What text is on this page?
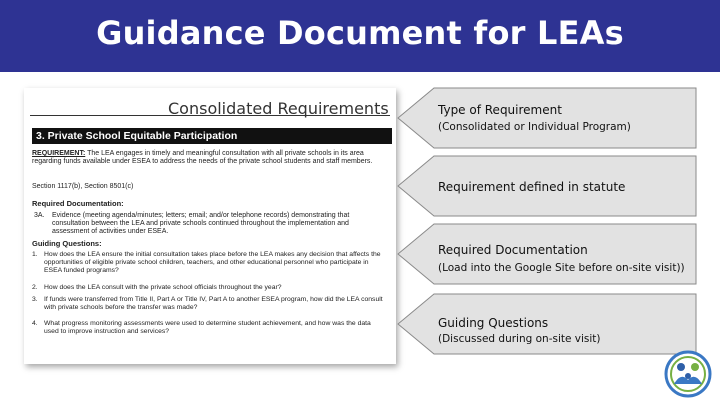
Guidance Document for LEAs
Consolidated Requirements
3. Private School Equitable Participation
REQUIREMENT: The LEA engages in timely and meaningful consultation with all private schools in its area regarding funds available under ESEA to address the needs of the private school students and staff members.
Section 1117(b), Section 8501(c)
Required Documentation:
3A.	Evidence (meeting agenda/minutes; letters; email; and/or telephone records) demonstrating that consultation between the LEA and private schools continued throughout the implementation and assessment of activities under ESEA.
Guiding Questions:
1. How does the LEA ensure the initial consultation takes place before the LEA makes any decision that affects the opportunities of eligible private school children, teachers, and other educational personnel who participate in ESEA funded programs?
2. How does the LEA consult with the private school officials throughout the year?
3. If funds were transferred from Title II, Part A or Title IV, Part A to another ESEA program, how did the LEA consult with private schools before the transfer was made?
4. What progress monitoring assessments were used to determine student achievement, and how was the data used to improve instruction and services?
Type of Requirement
(Consolidated or Individual Program)
Requirement defined in statute
Required Documentation
(Load into the Google Site before on-site visit))
Guiding Questions
(Discussed during on-site visit)
